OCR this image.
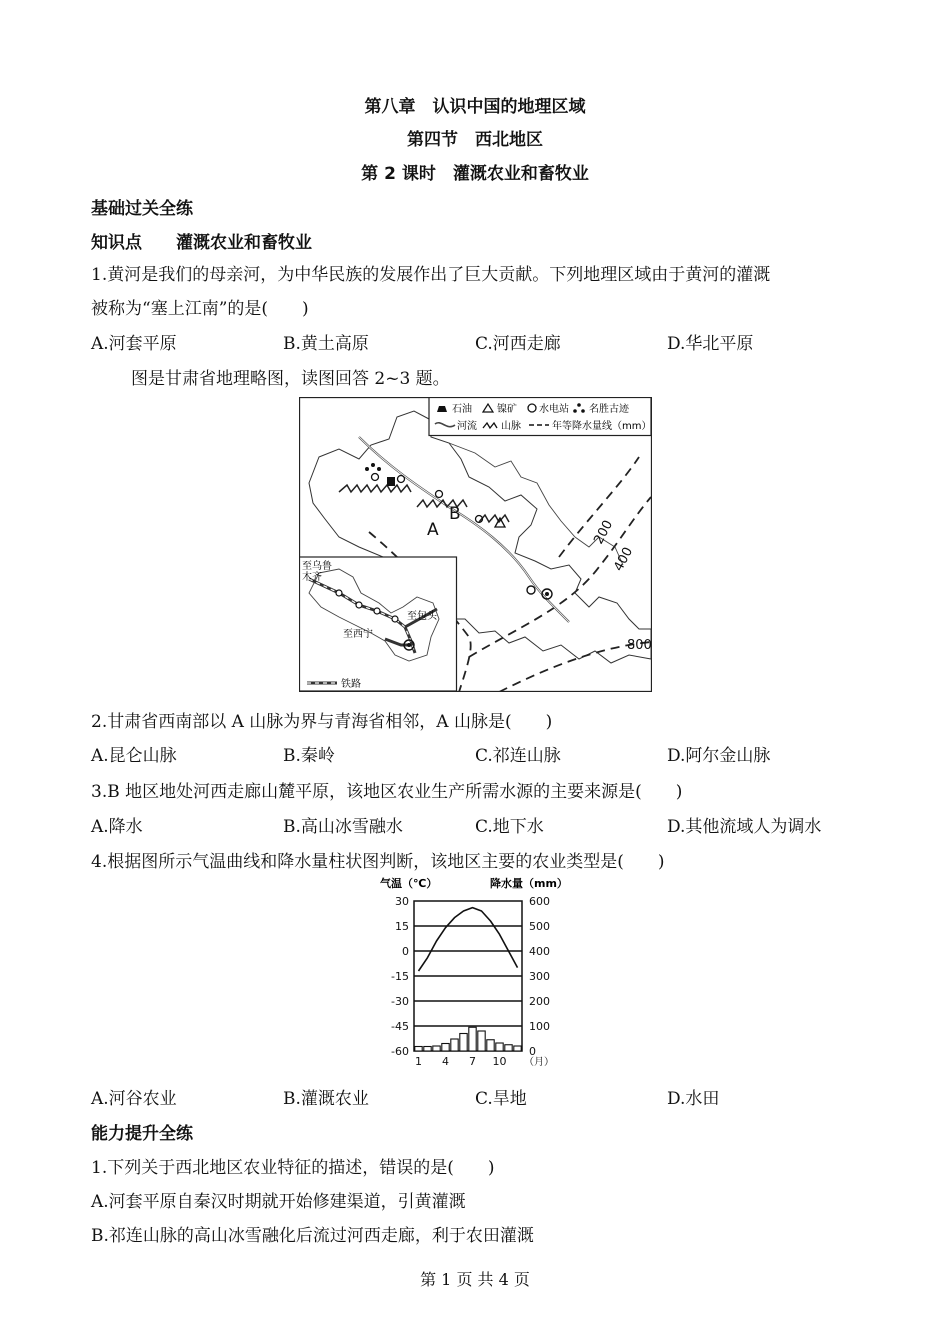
第八章　认识中国的地理区域
第四节　西北地区
第 2 课时　灌溉农业和畜牧业
基础过关全练
知识点　　灌溉农业和畜牧业
1.黄河是我们的母亲河，为中华民族的发展作出了巨大贡献。下列地理区域由于黄河的灌溉
被称为“塞上江南”的是(　　)
A.河套平原	B.黄土高原	C.河西走廊	D.华北平原
图是甘肃省地理略图，读图回答 2~3 题。
A
B
200
400
800
石油	镍矿 水电站 名胜古迹
河流 山脉	年等降水量线（mm）
至乌鲁 木齐
至包头
至西宁
铁路
2.甘肃省西南部以 A 山脉为界与青海省相邻，A 山脉是(　　)
A.昆仑山脉	B.秦岭	C.祁连山脉	D.阿尔金山脉
3.B 地区地处河西走廊山麓平原，该地区农业生产所需水源的主要来源是(　　)
A.降水	B.高山冰雪融水	C.地下水	D.其他流域人为调水
4.根据图所示气温曲线和降水量柱状图判断，该地区主要的农业类型是(　　)
气温（℃）	降水量（mm）
30
15
0
-15
-30
-45
-60
600
500
400
300
200
100
0
1 4 7 10 （月）
A.河谷农业	B.灌溉农业	C.旱地	D.水田
能力提升全练
1.下列关于西北地区农业特征的描述，错误的是(　　)
A.河套平原自秦汉时期就开始修建渠道，引黄灌溉
B.祁连山脉的高山冰雪融化后流过河西走廊，利于农田灌溉
第 1 页 共 4 页
